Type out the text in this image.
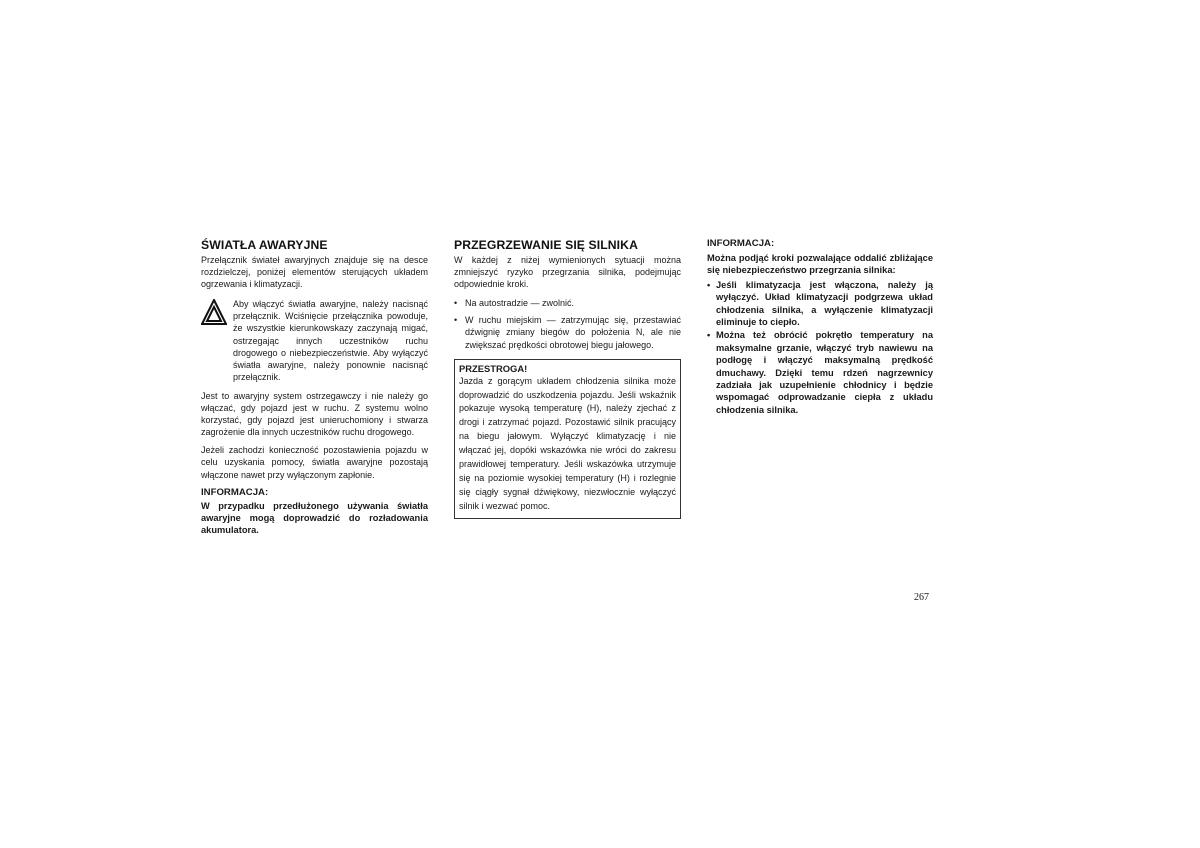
ŚWIATŁA AWARYJNE

Przełącznik świateł awaryjnych znajduje się na desce rozdzielczej, poniżej elementów sterujących układem ogrzewania i klimatyzacji.

Aby włączyć światła awaryjne, należy nacisnąć przełącznik. Wciśnięcie przełącznika powoduje, że wszystkie kierunkowskazy zaczynają migać, ostrzegając innych uczestników ruchu drogowego o niebezpieczeństwie. Aby wyłączyć światła awaryjne, należy ponownie nacisnąć przełącznik.

Jest to awaryjny system ostrzegawczy i nie należy go włączać, gdy pojazd jest w ruchu. Z systemu wolno korzystać, gdy pojazd jest unieruchomiony i stwarza zagrożenie dla innych uczestników ruchu drogowego.

Jeżeli zachodzi konieczność pozostawienia pojazdu w celu uzyskania pomocy, światła awaryjne pozostają włączone nawet przy wyłączonym zapłonie.

INFORMACJA:

W przypadku przedłużonego używania światła awaryjne mogą doprowadzić do rozładowania akumulatora.

PRZEGRZEWANIE SIĘ SILNIKA

W każdej z niżej wymienionych sytuacji można zmniejszyć ryzyko przegrzania silnika, podejmując odpowiednie kroki.

• Na autostradzie — zwolnić.
• W ruchu miejskim — zatrzymując się, przestawiać dźwignię zmiany biegów do położenia N, ale nie zwiększać prędkości obrotowej biegu jałowego.
PRZESTROGA!

Jazda z gorącym układem chłodzenia silnika może doprowadzić do uszkodzenia pojazdu. Jeśli wskaźnik pokazuje wysoką temperaturę (H), należy zjechać z drogi i zatrzymać pojazd. Pozostawić silnik pracujący na biegu jałowym. Wyłączyć klimatyzację i nie włączać jej, dopóki wskazówka nie wróci do zakresu prawidłowej temperatury. Jeśli wskazówka utrzymuje się na poziomie wysokiej temperatury (H) i rozlegnie się ciągły sygnał dźwiękowy, niezwłocznie wyłączyć silnik i wezwać pomoc.

INFORMACJA:

Można podjąć kroki pozwalające oddalić zbliżające się niebezpieczeństwo przegrzania silnika:

• Jeśli klimatyzacja jest włączona, należy ją wyłączyć. Układ klimatyzacji podgrzewa układ chłodzenia silnika, a wyłączenie klimatyzacji eliminuje to ciepło.
• Można też obrócić pokrętło temperatury na maksymalne grzanie, włączyć tryb nawiewu na podłogę i włączyć maksymalną prędkość dmuchawy. Dzięki temu rdzeń nagrzewnicy zadziała jak uzupełnienie chłodnicy i będzie wspomagać odprowadzanie ciepła z układu chłodzenia silnika.
267
